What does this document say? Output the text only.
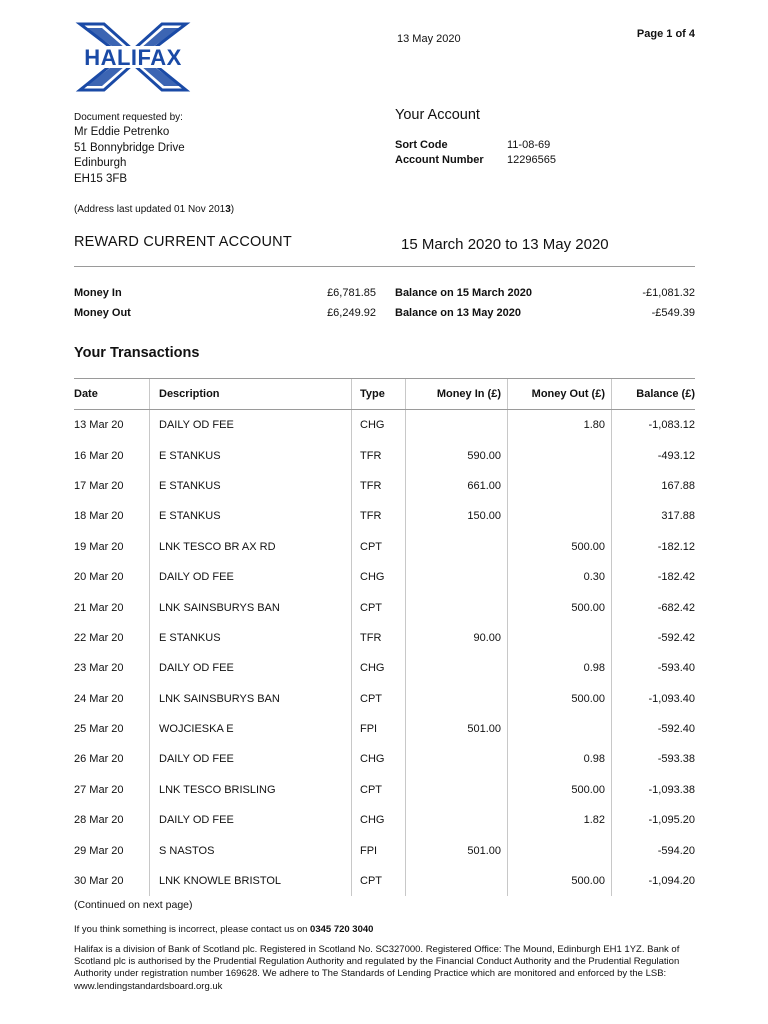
HALIFAX
13 May 2020	Page 1 of 4
Document requested by:
Mr Eddie Petrenko
51 Bonnybridge Drive
Edinburgh
EH15 3FB
(Address last updated 01 Nov 2013)
Your Account
Sort Code	11-08-69
Account Number 12296565
REWARD CURRENT ACCOUNT	15 March 2020 to 13 May 2020
Money In	£6,781.85 Balance on 15 March 2020	-£1,081.32
Money Out	£6,249.92 Balance on 13 May 2020	-£549.39
Your Transactions
Date	Description	Type	Money In (£)	Money Out (£)	Balance (£)
13 Mar 20	DAILY OD FEE	CHG		1.80	-1,083.12
16 Mar 20	E STANKUS	TFR	590.00		-493.12
17 Mar 20	E STANKUS	TFR	661.00		167.88
18 Mar 20	E STANKUS	TFR	150.00		317.88
19 Mar 20	LNK TESCO BR AX RD	CPT		500.00	-182.12
20 Mar 20	DAILY OD FEE	CHG		0.30	-182.42
21 Mar 20	LNK SAINSBURYS BAN	CPT		500.00	-682.42
22 Mar 20	E STANKUS	TFR	90.00		-592.42
23 Mar 20	DAILY OD FEE	CHG		0.98	-593.40
24 Mar 20	LNK SAINSBURYS BAN	CPT		500.00	-1,093.40
25 Mar 20	WOJCIESKA E	FPI	501.00		-592.40
26 Mar 20	DAILY OD FEE	CHG		0.98	-593.38
27 Mar 20	LNK TESCO BRISLING	CPT		500.00	-1,093.38
28 Mar 20	DAILY OD FEE	CHG		1.82	-1,095.20
29 Mar 20	S NASTOS	FPI	501.00		-594.20
30 Mar 20	LNK KNOWLE BRISTOL	CPT		500.00	-1,094.20
(Continued on next page)
If you think something is incorrect, please contact us on 0345 720 3040
Halifax is a division of Bank of Scotland plc. Registered in Scotland No. SC327000. Registered Office: The Mound, Edinburgh EH1 1YZ. Bank of Scotland plc is authorised by the Prudential Regulation Authority and regulated by the Financial Conduct Authority and the Prudential Regulation Authority under registration number 169628. We adhere to The Standards of Lending Practice which are monitored and enforced by the LSB: www.lendingstandardsboard.org.uk
